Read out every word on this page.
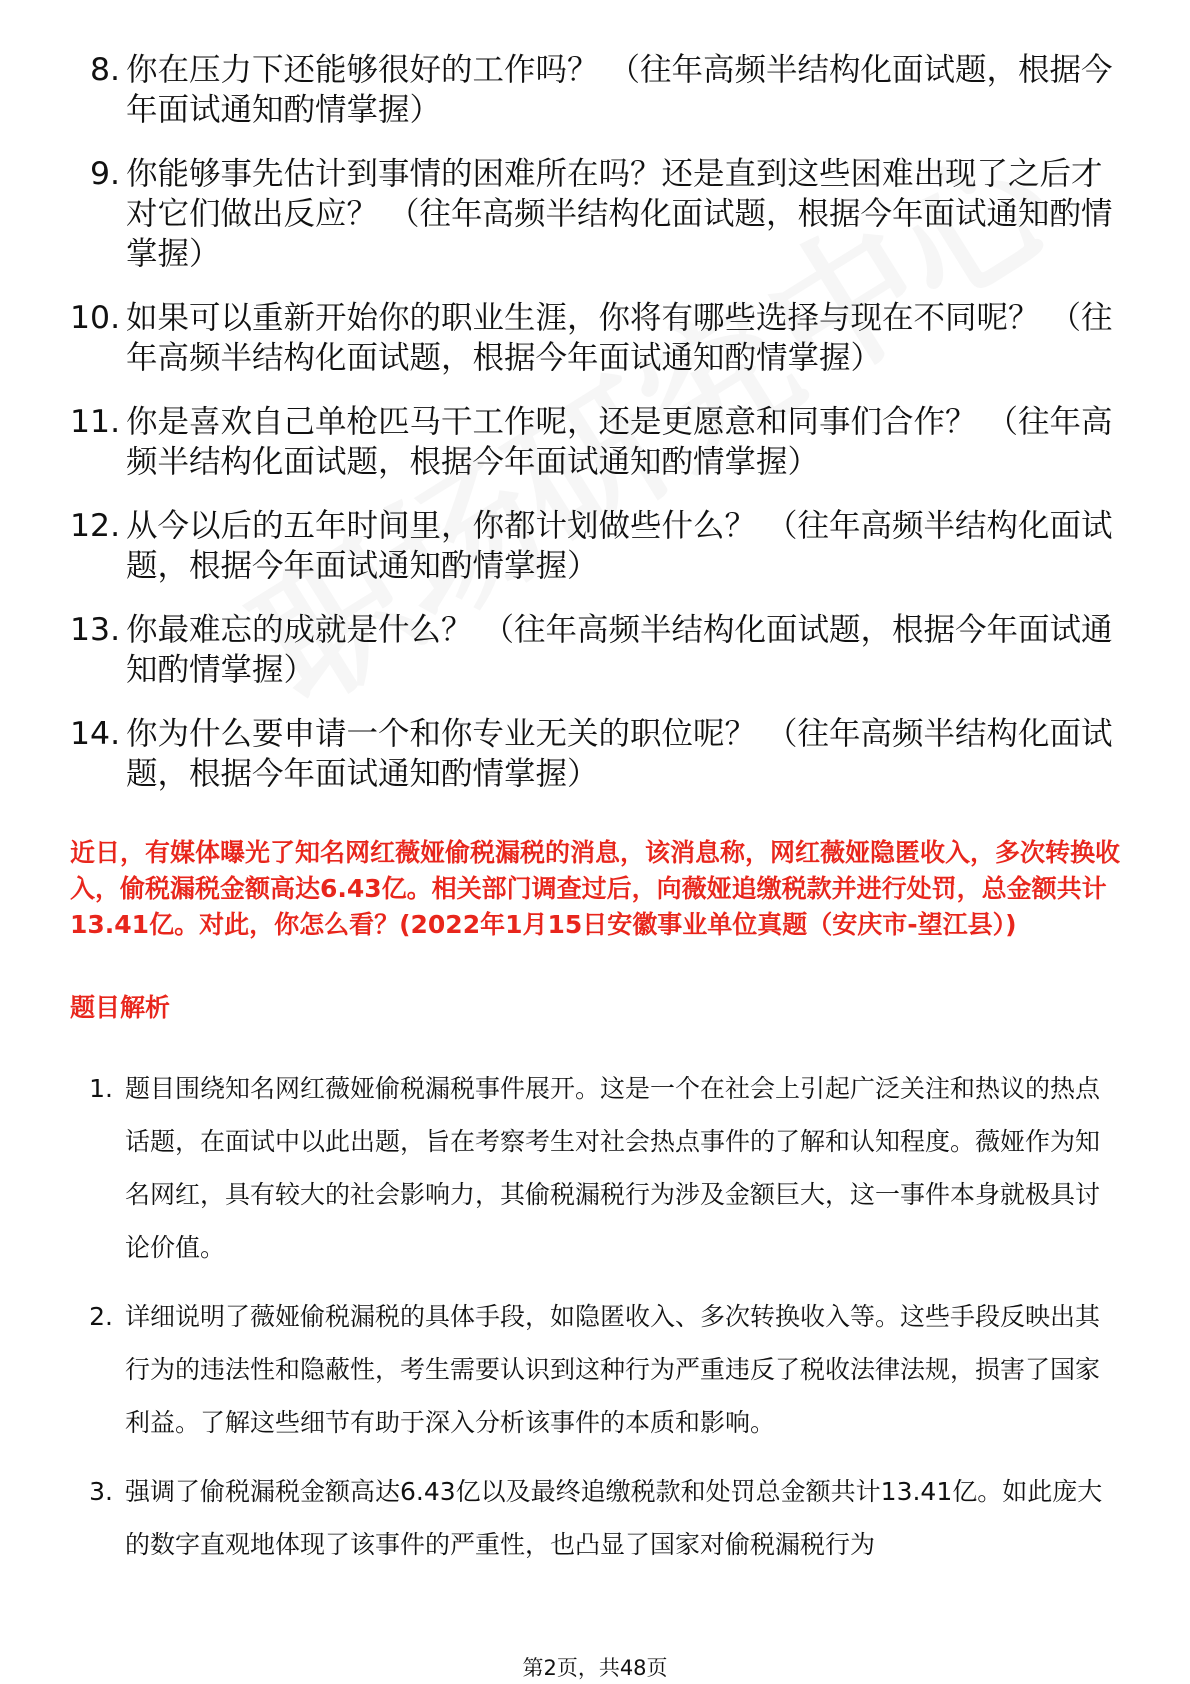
8. 你在压力下还能够很好的工作吗？ （往年高频半结构化面试题，根据今年面试通知酌情掌握）
9. 你能够事先估计到事情的困难所在吗？还是直到这些困难出现了之后才对它们做出反应？ （往年高频半结构化面试题，根据今年面试通知酌情掌握）
10. 如果可以重新开始你的职业生涯，你将有哪些选择与现在不同呢？ （往年高频半结构化面试题，根据今年面试通知酌情掌握）
11. 你是喜欢自己单枪匹马干工作呢，还是更愿意和同事们合作？ （往年高频半结构化面试题，根据今年面试通知酌情掌握）
12. 从今以后的五年时间里，你都计划做些什么？ （往年高频半结构化面试题，根据今年面试通知酌情掌握）
13. 你最难忘的成就是什么？ （往年高频半结构化面试题，根据今年面试通知酌情掌握）
14. 你为什么要申请一个和你专业无关的职位呢？ （往年高频半结构化面试题，根据今年面试通知酌情掌握）
近日，有媒体曝光了知名网红薇娅偷税漏税的消息，该消息称，网红薇娅隐匿收入，多次转换收入，偷税漏税金额高达6.43亿。相关部门调查过后，向薇娅追缴税款并进行处罚，总金额共计13.41亿。对此，你怎么看？(2022年1月15日安徽事业单位真题（安庆市-望江县）)
题目解析
1. 题目围绕知名网红薇娅偷税漏税事件展开。这是一个在社会上引起广泛关注和热议的热点话题，在面试中以此出题，旨在考察考生对社会热点事件的了解和认知程度。薇娅作为知名网红，具有较大的社会影响力，其偷税漏税行为涉及金额巨大，这一事件本身就极具讨论价值。
2. 详细说明了薇娅偷税漏税的具体手段，如隐匿收入、多次转换收入等。这些手段反映出其行为的违法性和隐蔽性，考生需要认识到这种行为严重违反了税收法律法规，损害了国家利益。了解这些细节有助于深入分析该事件的本质和影响。
3. 强调了偷税漏税金额高达6.43亿以及最终追缴税款和处罚总金额共计13.41亿。如此庞大的数字直观地体现了该事件的严重性，也凸显了国家对偷税漏税行为
第2页，共48页
